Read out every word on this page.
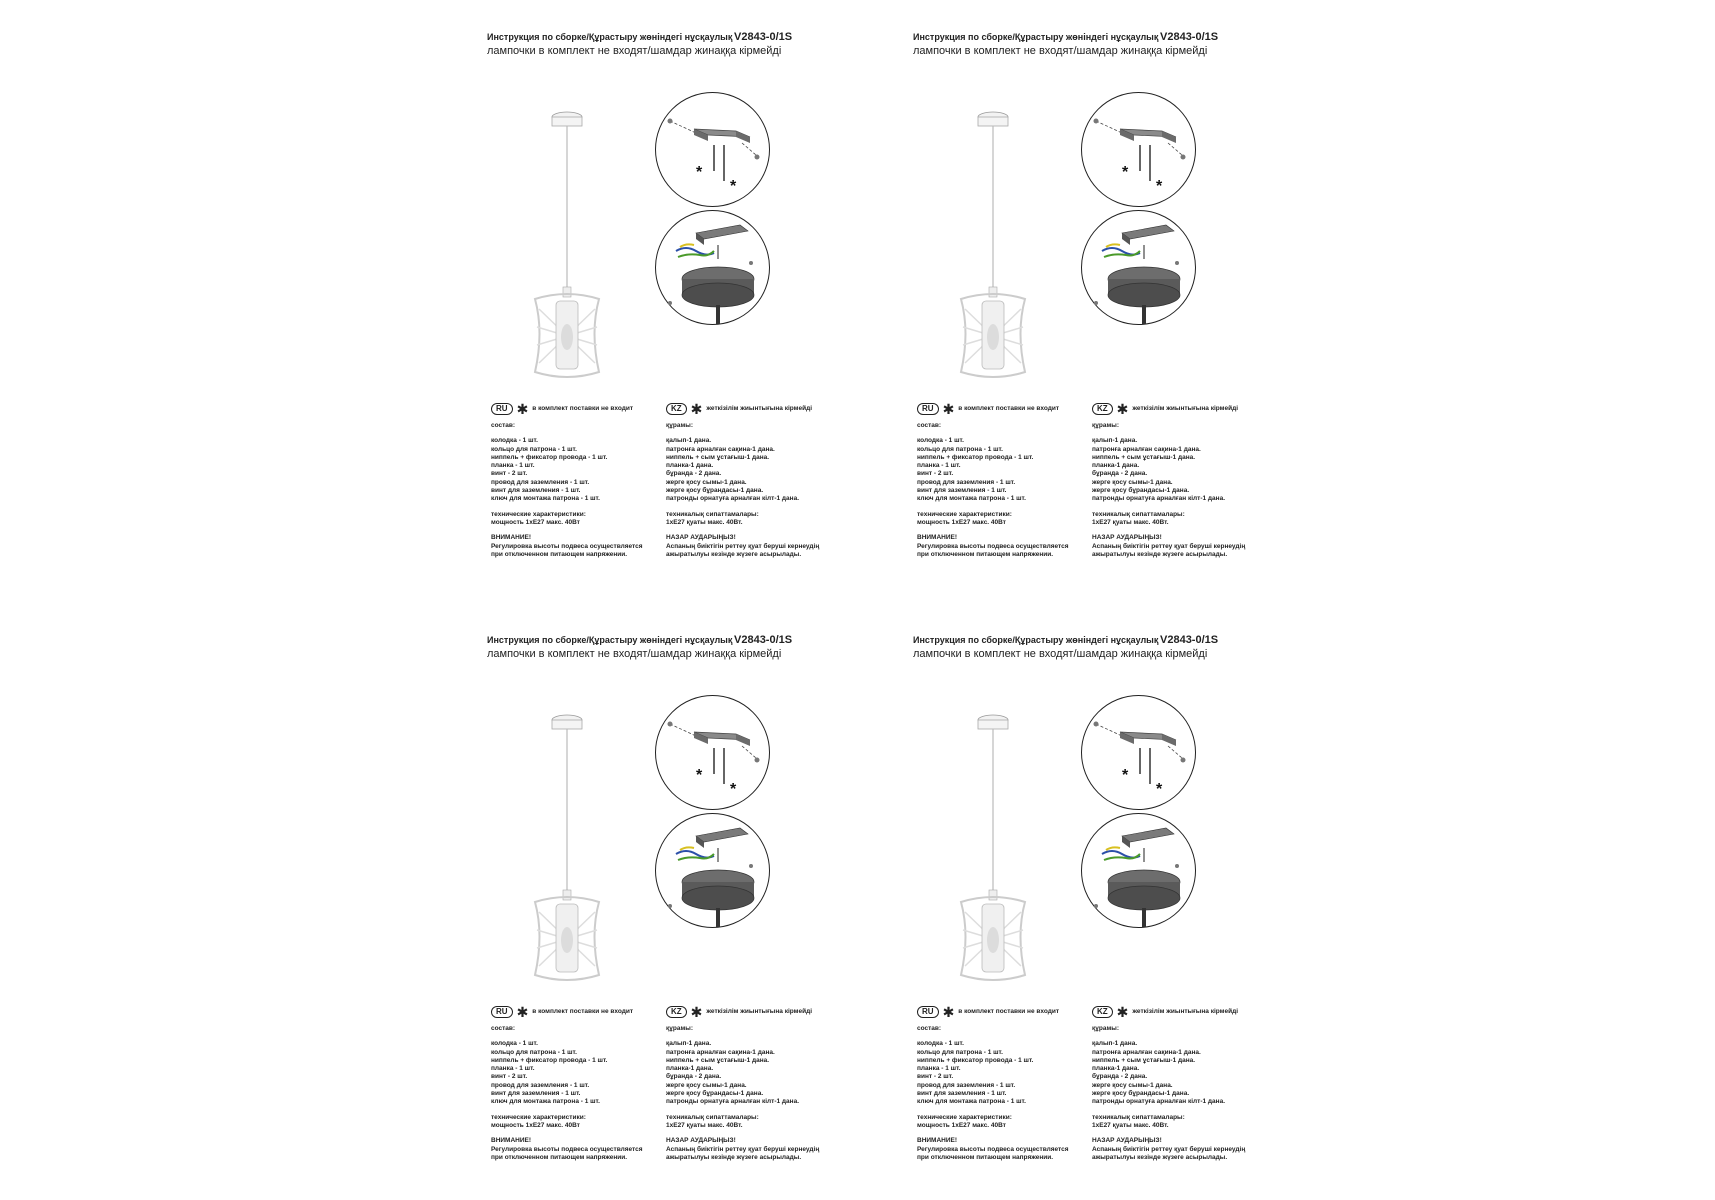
Инструкция по сборке/Құрастыру жөніндегі нұсқаулық V2843-0/1S
лампочки в комплект не входят/шамдар жинаққа кірмейді
*
*
RU ✱ в комплект поставки не входит
состав:
колодка - 1 шт.
кольцо для патрона - 1 шт.
ниппель + фиксатор провода - 1 шт.
планка - 1 шт.
винт - 2 шт.
провод для заземления - 1 шт.
винт для заземления - 1 шт.
ключ для монтажа патрона - 1 шт.
технические характеристики:
мощность 1хЕ27 макс. 40Вт
ВНИМАНИЕ!
Регулировка высоты подвеса осуществляется
при отключенном питающем напряжении.
KZ ✱ жеткізілім жиынтығына кірмейді
құрамы:
қалып-1 дана.
патронға арналған сақина-1 дана.
ниппель + сым ұстағыш-1 дана.
планка-1 дана.
бұранда - 2 дана.
жерге қосу сымы-1 дана.
жерге қосу бұрандасы-1 дана.
патронды орнатуға арналған кілт-1 дана.
техникалық сипаттамалары:
1хЕ27 қуаты макс. 40Вт.
НАЗАР АУДАРЫҢЫЗ!
Аспаның биіктігін реттеу қуат беруші кернеудің
ажыратылуы кезінде жүзеге асырылады.
Инструкция по сборке/Құрастыру жөніндегі нұсқаулық V2843-0/1S
лампочки в комплект не входят/шамдар жинаққа кірмейді
*
*
RU ✱ в комплект поставки не входит
состав:
колодка - 1 шт.
кольцо для патрона - 1 шт.
ниппель + фиксатор провода - 1 шт.
планка - 1 шт.
винт - 2 шт.
провод для заземления - 1 шт.
винт для заземления - 1 шт.
ключ для монтажа патрона - 1 шт.
технические характеристики:
мощность 1хЕ27 макс. 40Вт
ВНИМАНИЕ!
Регулировка высоты подвеса осуществляется
при отключенном питающем напряжении.
KZ ✱ жеткізілім жиынтығына кірмейді
құрамы:
қалып-1 дана.
патронға арналған сақина-1 дана.
ниппель + сым ұстағыш-1 дана.
планка-1 дана.
бұранда - 2 дана.
жерге қосу сымы-1 дана.
жерге қосу бұрандасы-1 дана.
патронды орнатуға арналған кілт-1 дана.
техникалық сипаттамалары:
1хЕ27 қуаты макс. 40Вт.
НАЗАР АУДАРЫҢЫЗ!
Аспаның биіктігін реттеу қуат беруші кернеудің
ажыратылуы кезінде жүзеге асырылады.
Инструкция по сборке/Құрастыру жөніндегі нұсқаулық V2843-0/1S
лампочки в комплект не входят/шамдар жинаққа кірмейді
*
*
RU ✱ в комплект поставки не входит
состав:
колодка - 1 шт.
кольцо для патрона - 1 шт.
ниппель + фиксатор провода - 1 шт.
планка - 1 шт.
винт - 2 шт.
провод для заземления - 1 шт.
винт для заземления - 1 шт.
ключ для монтажа патрона - 1 шт.
технические характеристики:
мощность 1хЕ27 макс. 40Вт
ВНИМАНИЕ!
Регулировка высоты подвеса осуществляется
при отключенном питающем напряжении.
KZ ✱ жеткізілім жиынтығына кірмейді
құрамы:
қалып-1 дана.
патронға арналған сақина-1 дана.
ниппель + сым ұстағыш-1 дана.
планка-1 дана.
бұранда - 2 дана.
жерге қосу сымы-1 дана.
жерге қосу бұрандасы-1 дана.
патронды орнатуға арналған кілт-1 дана.
техникалық сипаттамалары:
1хЕ27 қуаты макс. 40Вт.
НАЗАР АУДАРЫҢЫЗ!
Аспаның биіктігін реттеу қуат беруші кернеудің
ажыратылуы кезінде жүзеге асырылады.
Инструкция по сборке/Құрастыру жөніндегі нұсқаулық V2843-0/1S
лампочки в комплект не входят/шамдар жинаққа кірмейді
*
*
RU ✱ в комплект поставки не входит
состав:
колодка - 1 шт.
кольцо для патрона - 1 шт.
ниппель + фиксатор провода - 1 шт.
планка - 1 шт.
винт - 2 шт.
провод для заземления - 1 шт.
винт для заземления - 1 шт.
ключ для монтажа патрона - 1 шт.
технические характеристики:
мощность 1хЕ27 макс. 40Вт
ВНИМАНИЕ!
Регулировка высоты подвеса осуществляется
при отключенном питающем напряжении.
KZ ✱ жеткізілім жиынтығына кірмейді
құрамы:
қалып-1 дана.
патронға арналған сақина-1 дана.
ниппель + сым ұстағыш-1 дана.
планка-1 дана.
бұранда - 2 дана.
жерге қосу сымы-1 дана.
жерге қосу бұрандасы-1 дана.
патронды орнатуға арналған кілт-1 дана.
техникалық сипаттамалары:
1хЕ27 қуаты макс. 40Вт.
НАЗАР АУДАРЫҢЫЗ!
Аспаның биіктігін реттеу қуат беруші кернеудің
ажыратылуы кезінде жүзеге асырылады.
